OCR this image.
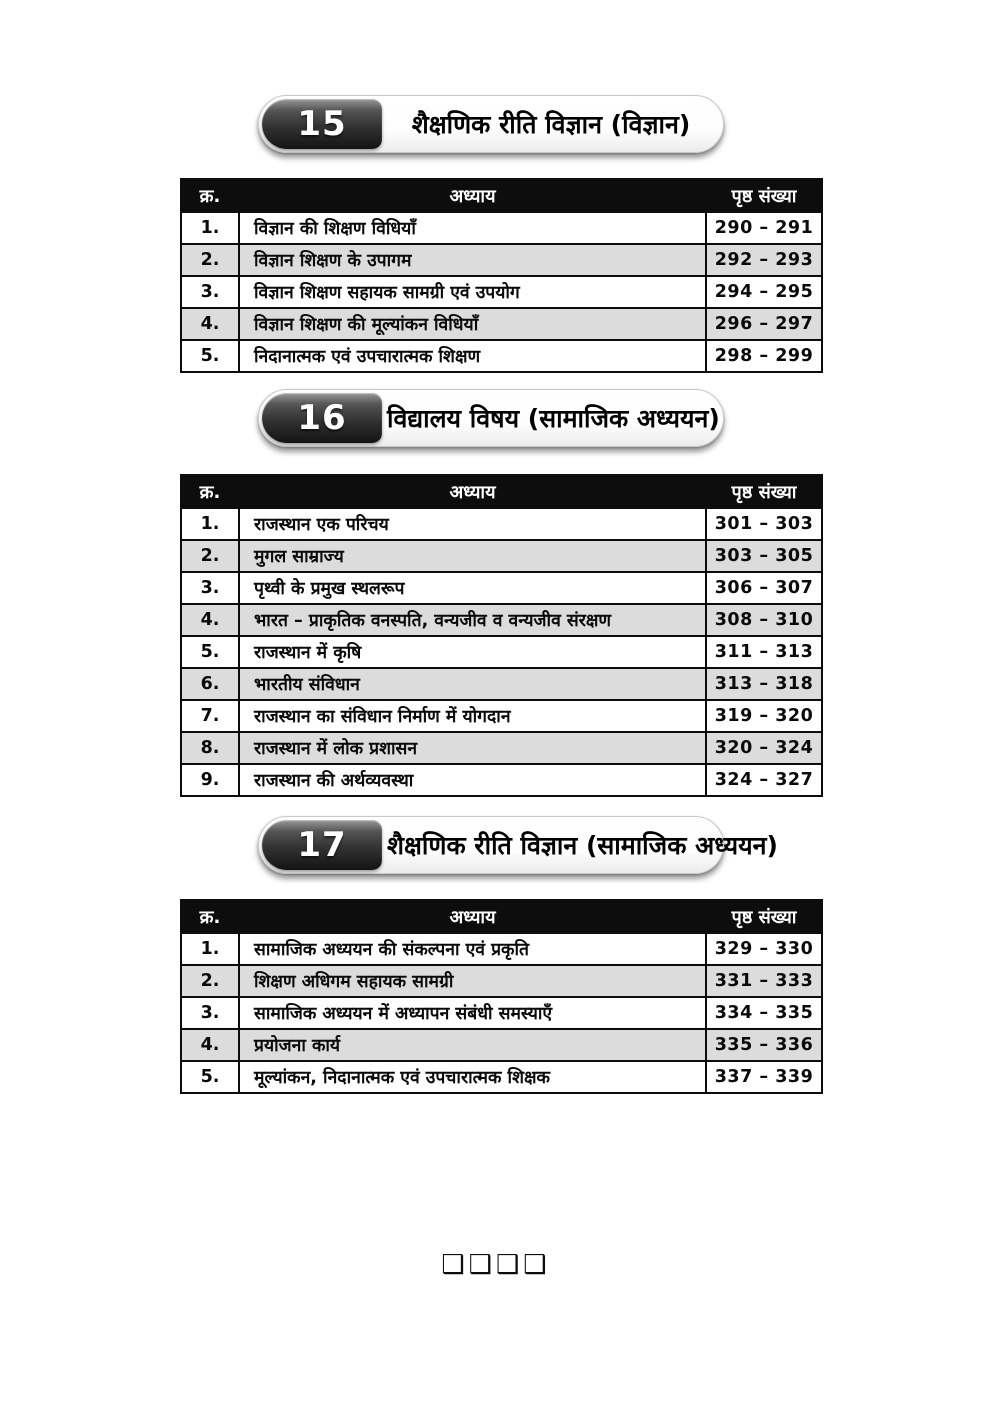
15	शैक्षणिक रीति विज्ञान (विज्ञान)
क्र.	अध्याय	पृष्ठ संख्या
1.	विज्ञान की शिक्षण विधियाँ	290 – 291
2.	विज्ञान शिक्षण के उपागम	292 – 293
3.	विज्ञान शिक्षण सहायक सामग्री एवं उपयोग	294 – 295
4.	विज्ञान शिक्षण की मूल्यांकन विधियाँ	296 – 297
5.	निदानात्मक एवं उपचारात्मक शिक्षण	298 – 299
16 विद्यालय विषय (सामाजिक अध्ययन)
क्र.	अध्याय	पृष्ठ संख्या
1.	राजस्थान एक परिचय	301 – 303
2.	मुगल साम्राज्य	303 – 305
3.	पृथ्वी के प्रमुख स्थलरूप	306 – 307
4.	भारत – प्राकृतिक वनस्पति, वन्यजीव व वन्यजीव संरक्षण	308 – 310
5.	राजस्थान में कृषि	311 – 313
6.	भारतीय संविधान	313 – 318
7.	राजस्थान का संविधान निर्माण में योगदान	319 – 320
8.	राजस्थान में लोक प्रशासन	320 – 324
9.	राजस्थान की अर्थव्यवस्था	324 – 327
17 शैक्षणिक रीति विज्ञान (सामाजिक अध्ययन)
क्र.	अध्याय	पृष्ठ संख्या
1.	सामाजिक अध्ययन की संकल्पना एवं प्रकृति	329 – 330
2.	शिक्षण अधिगम सहायक सामग्री	331 – 333
3.	सामाजिक अध्ययन में अध्यापन संबंधी समस्याएँ	334 – 335
4.	प्रयोजना कार्य	335 – 336
5.	मूल्यांकन, निदानात्मक एवं उपचारात्मक शिक्षक	337 – 339
❑❑❑❑
